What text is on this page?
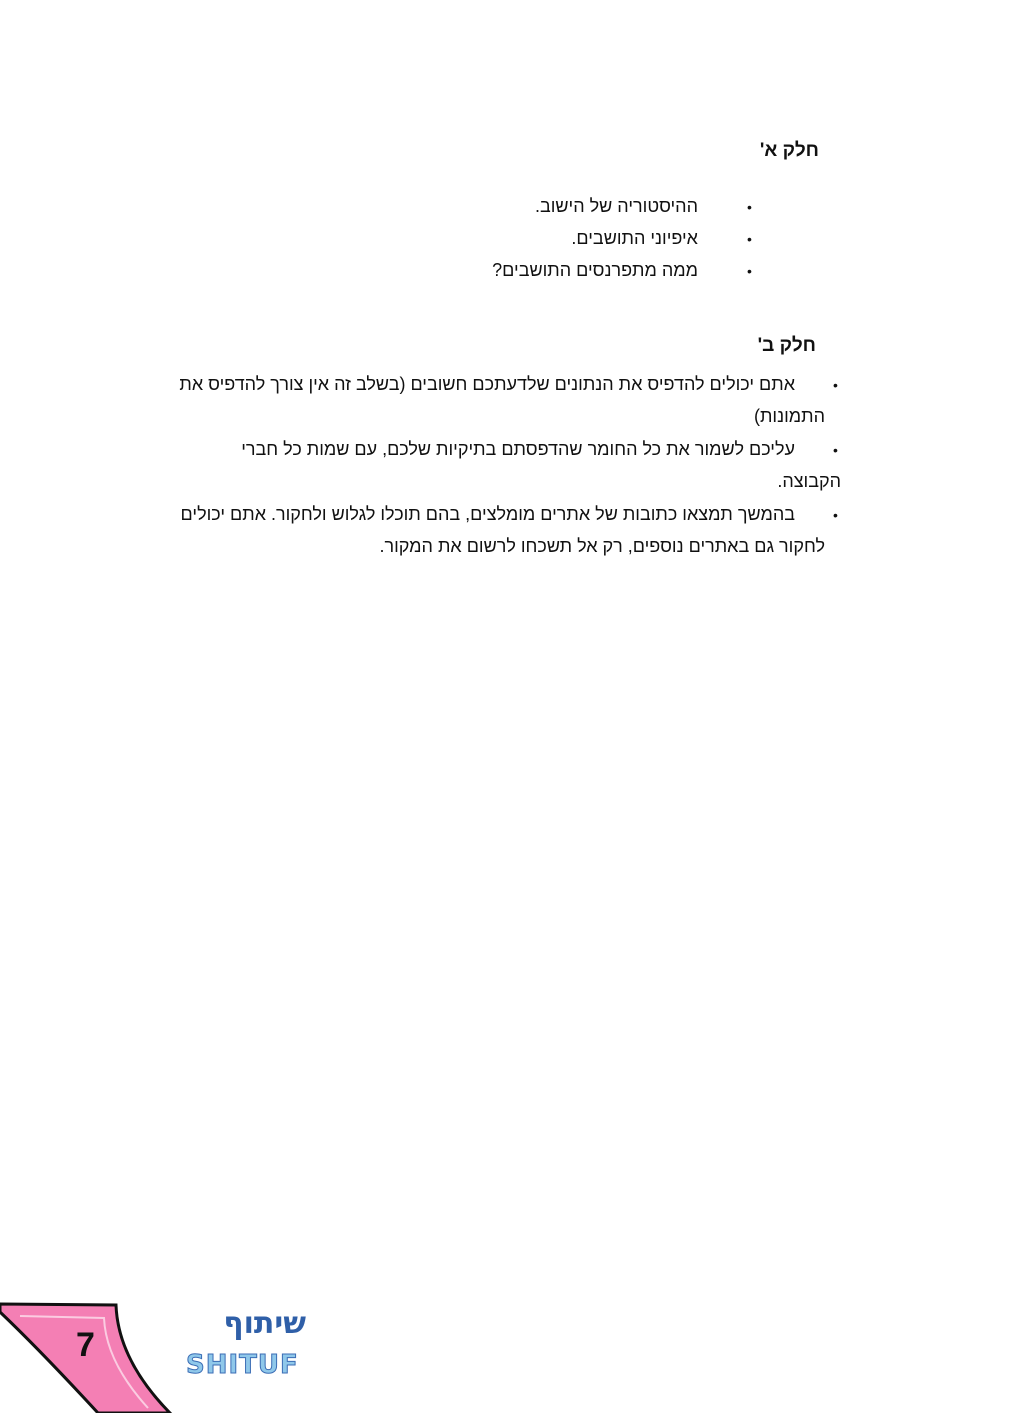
חלק א'
•
ההיסטוריה של הישוב.
•
איפיוני התושבים.
•
ממה מתפרנסים התושבים?
חלק ב'
•
אתם יכולים להדפיס את הנתונים שלדעתכם חשובים (בשלב זה אין צורך להדפיס את
התמונות)
•
עליכם לשמור את כל החומר שהדפסתם בתיקיות שלכם, עם שמות כל חברי
הקבוצה.
•
בהמשך תמצאו כתובות של אתרים מומלצים, בהם תוכלו לגלוש ולחקור. אתם יכולים
לחקור גם באתרים נוספים, רק אל תשכחו לרשום את המקור.
7
שיתוף
SHITUF
